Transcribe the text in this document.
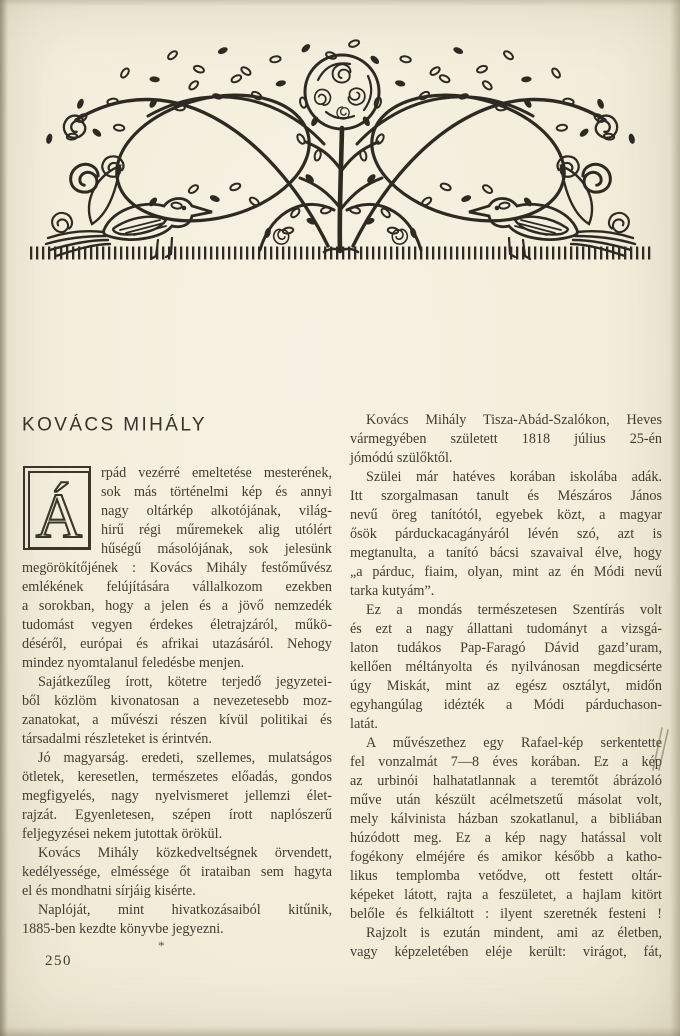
KOVÁCS MIHÁLY
Á
rpád vezérré emeltetése mesterének,
sok más történelmi kép és annyi
nagy oltárkép alkotójának, világ-
hirű régi műremekek alig utólért
hűségű másolójának, sok jelesünk
megörökítőjének : Kovács Mihály festőművész
emlékének felújítására vállalkozom ezekben
a sorokban, hogy a jelen és a jövő nemzedék
tudomást vegyen érdekes életrajzáról, műkö-
déséről, európai és afrikai utazásáról. Nehogy
mindez nyomtalanul feledésbe menjen.
Sajátkezűleg írott, kötetre terjedő jegyzetei-
ből közlöm kivonatosan a nevezetesebb moz-
zanatokat, a művészi részen kívül politikai és
társadalmi részleteket is érintvén.
Jó magyarság. eredeti, szellemes, mulatságos
ötletek, keresetlen, természetes előadás, gondos
megfigyelés, nagy nyelvismeret jellemzi élet-
rajzát. Egyenletesen, szépen írott naplószerű
feljegyzései nekem jutottak örökül.
Kovács Mihály közkedveltségnek örvendett,
kedélyessége, elméssége őt irataiban sem hagyta
el és mondhatni sírjáig kisérte.
Naplóját, mint hivatkozásaiból kitűnik,
1885-ben kezdte könyvbe jegyezni.
Kovács Mihály Tisza-Abád-Szalókon, Heves
vármegyében született 1818 július 25-én
jómódú szülőktől.
Szülei már hatéves korában iskolába adák.
Itt szorgalmasan tanult és Mészáros János
nevű öreg tanítótól, egyebek közt, a magyar
ősök párduckacagányáról lévén szó, azt is
megtanulta, a tanító bácsi szavaival élve, hogy
„a párduc, fiaim, olyan, mint az én Módi nevű
tarka kutyám”.
Ez a mondás természetesen Szentírás volt
és ezt a nagy állattani tudományt a vizsgá-
laton tudákos Pap-Faragó Dávid gazd’uram,
kellően méltányolta és nyilvánosan megdicsérte
úgy Miskát, mint az egész osztályt, midőn
egyhangúlag idézték a Módi párduchason-
latát.
A művészethez egy Rafael-kép serkentette
fel vonzalmát 7—8 éves korában. Ez a kép
az urbinói halhatatlannak a teremtőt ábrázoló
műve után készült acélmetszetű másolat volt,
mely kálvinista házban szokatlanul, a bibliában
húzódott meg. Ez a kép nagy hatással volt
fogékony elméjére és amikor később a katho-
likus templomba vetődve, ott festett oltár-
képeket látott, rajta a feszületet, a hajlam kitört
belőle és felkiáltott : ilyent szeretnék festeni !
Rajzolt is ezután mindent, ami az életben,
vagy képzeletében eléje került: virágot, fát,
*
250
